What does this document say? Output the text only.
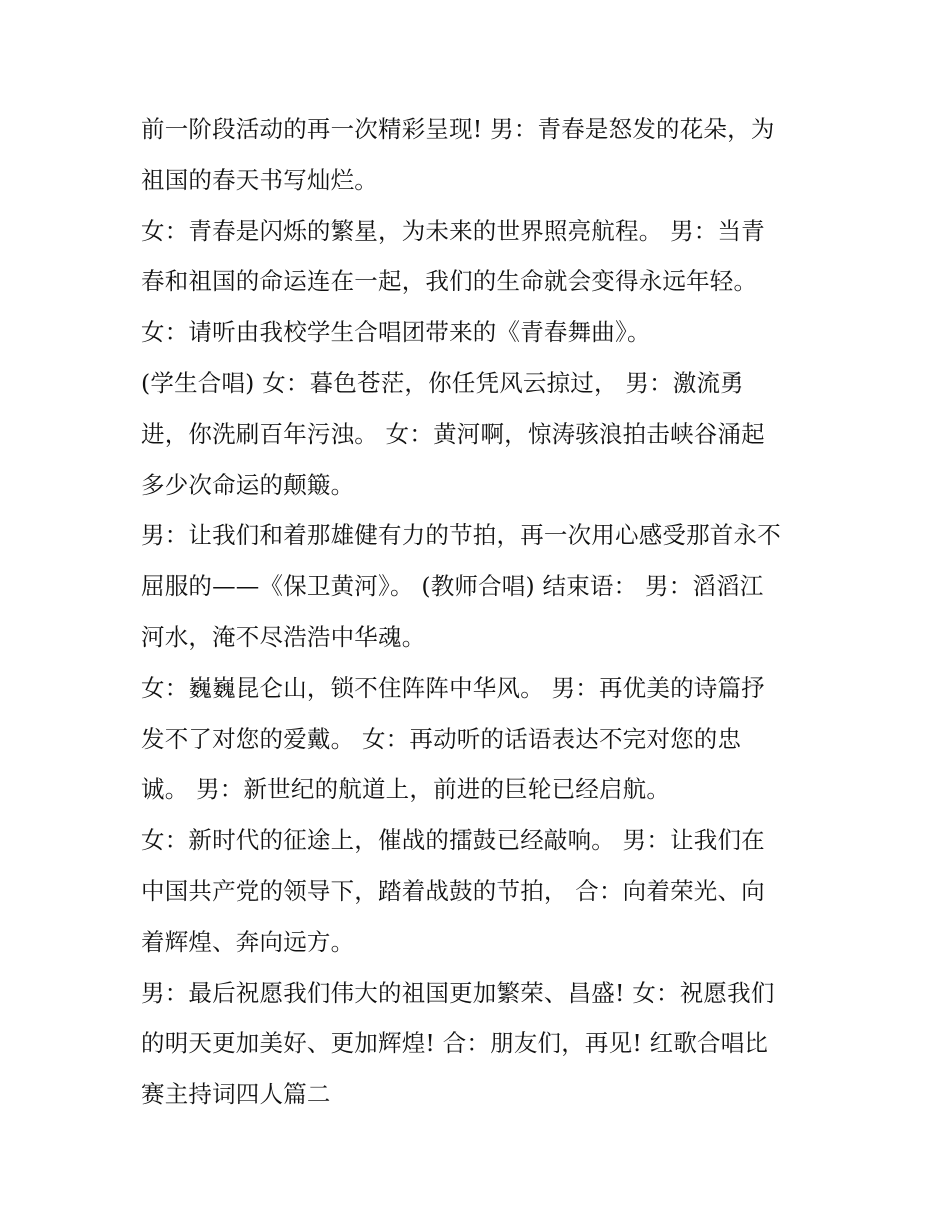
前一阶段活动的再一次精彩呈现! 男：青春是怒发的花朵，为
祖国的春天书写灿烂。
女：青春是闪烁的繁星，为未来的世界照亮航程。 男：当青
春和祖国的命运连在一起，我们的生命就会变得永远年轻。
女：请听由我校学生合唱团带来的《青春舞曲》。
(学生合唱) 女：暮色苍茫，你任凭风云掠过， 男：激流勇
进，你洗刷百年污浊。 女：黄河啊，惊涛骇浪拍击峡谷涌起
多少次命运的颠簸。
男：让我们和着那雄健有力的节拍，再一次用心感受那首永不
屈服的——《保卫黄河》。 (教师合唱) 结束语： 男：滔滔江
河水，淹不尽浩浩中华魂。
女：巍巍昆仑山，锁不住阵阵中华风。 男：再优美的诗篇抒
发不了对您的爱戴。 女：再动听的话语表达不完对您的忠
诚。 男：新世纪的航道上，前进的巨轮已经启航。
女：新时代的征途上，催战的擂鼓已经敲响。 男：让我们在
中国共产党的领导下，踏着战鼓的节拍， 合：向着荣光、向
着辉煌、奔向远方。
男：最后祝愿我们伟大的祖国更加繁荣、昌盛! 女：祝愿我们
的明天更加美好、更加辉煌! 合：朋友们，再见! 红歌合唱比
赛主持词四人篇二
